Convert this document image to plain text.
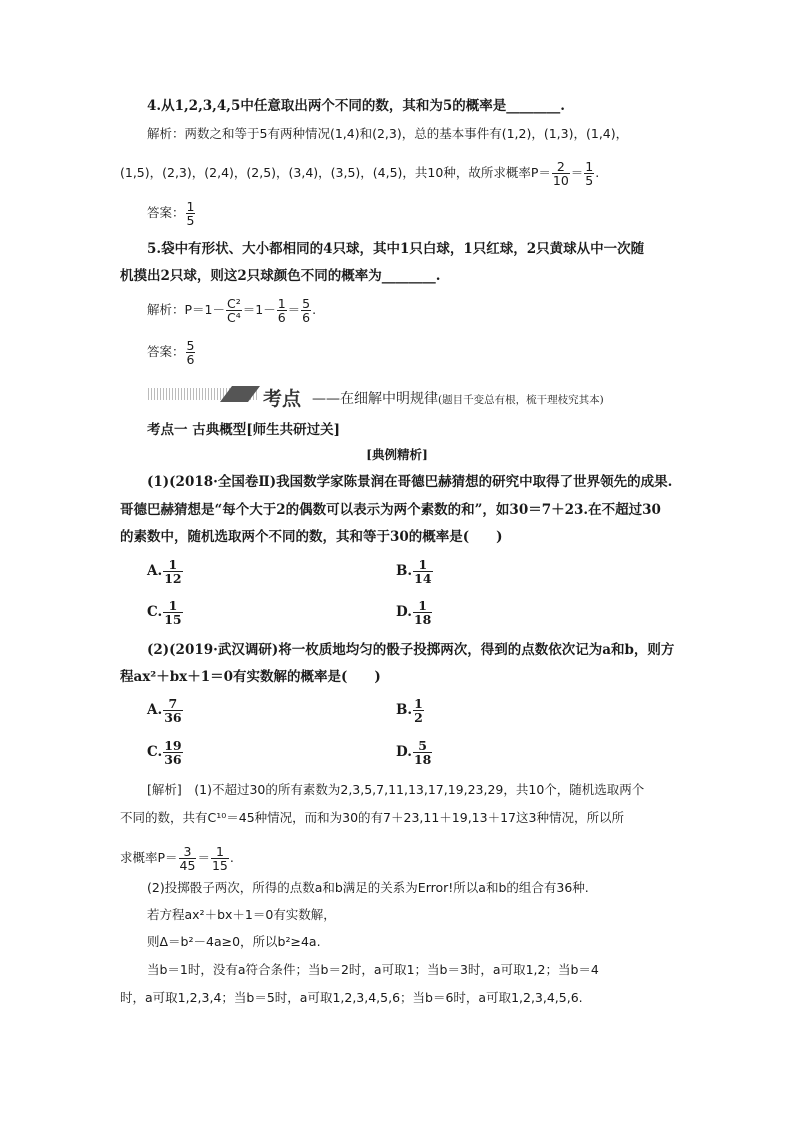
4.从1,2,3,4,5中任意取出两个不同的数，其和为5的概率是________.
解析：两数之和等于5有两种情况(1,4)和(2,3)，总的基本事件有(1,2)，(1,3)，(1,4)，
(1,5)，(2,3)，(2,4)，(2,5)，(3,4)，(3,5)，(4,5)，共10种，故所求概率$P= \frac{2}{10} = \frac{1}{5}$ .
答案： $\frac{1}{5}$
5.袋中有形状、大小都相同的4只球，其中1只白球，1只红球，2只黄球从中一次随
机摸出2只球，则这2只球颜色不同的概率为________.
解析：$P=1- \frac{\text{C²}}{\text{C⁴}} =1- \frac{1}{6} = \frac{5}{6}$ .
答案： $\frac{5}{6}$
考点 ——在细解中明规律(题目千变总有根，梳干理枝究其本)
考点一 古典概型[师生共研过关]
[典例精析]
(1)(2018·全国卷Ⅱ)我国数学家陈景润在哥德巴赫猜想的研究中取得了世界领先的成果.
哥德巴赫猜想是“每个大于2的偶数可以表示为两个素数的和”，如30＝7＋23.在不超过30
的素数中，随机选取两个不同的数，其和等于30的概率是(　　)
A. $\frac{1}{12}$	B. $\frac{1}{14}$
C. $\frac{1}{15}$	D. $\frac{1}{18}$
(2)(2019·武汉调研)将一枚质地均匀的骰子投掷两次，得到的点数依次记为a和b，则方
程ax²＋bx＋1＝0有实数解的概率是(　　)
A. $\frac{7}{36}$	B. $\frac{1}{2}$
C. $\frac{19}{36}$	D. $\frac{5}{18}$
[解析]　(1)不超过30的所有素数为2,3,5,7,11,13,17,19,23,29，共10个，随机选取两个
不同的数，共有C¹⁰＝45种情况，而和为30的有7＋23,11＋19,13＋17这3种情况，所以所
求概率$P= \frac{3}{45} = \frac{1}{15}$ .
(2)投掷骰子两次，所得的点数a和b满足的关系为Error!所以a和b的组合有36种.
若方程ax²＋bx＋1＝0有实数解，
则Δ＝b²－4a≥0，所以b²≥4a.
当b＝1时，没有a符合条件；当b＝2时，a可取1；当b＝3时，a可取1,2；当b＝4
时，a可取1,2,3,4；当b＝5时，a可取1,2,3,4,5,6；当b＝6时，a可取1,2,3,4,5,6.
